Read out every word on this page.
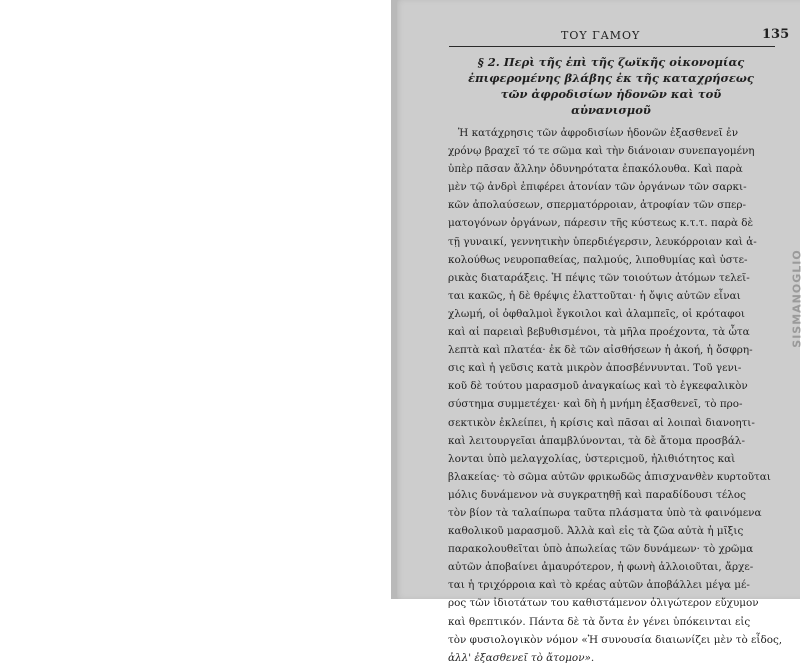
ΤΟΥ ΓΑΜΟΥ	135
§ 2. Περὶ τῆς ἐπὶ τῆς ζωϊκῆς οἰκονομίας
ἐπιφερομένης βλάβης ἐκ τῆς καταχρήσεως
τῶν ἀφροδισίων ἡδονῶν καὶ τοῦ
αὐνανισμοῦ
Ἡ κατάχρησις τῶν ἀφροδισίων ἡδονῶν ἐξασθενεῖ ἐν
χρόνῳ βραχεῖ τό τε σῶμα καὶ τὴν διάνοιαν συνεπαγομένη
ὑπὲρ πᾶσαν ἄλλην ὀδυνηρότατα ἐπακόλουθα. Καὶ παρὰ
μὲν τῷ ἀνδρὶ ἐπιφέρει ἀτονίαν τῶν ὀργάνων τῶν σαρκι-
κῶν ἀπολαύσεων, σπερματόρροιαν, ἀτροφίαν τῶν σπερ-
ματογόνων ὀργάνων, πάρεσιν τῆς κύστεως κ.τ.τ. παρὰ δὲ
τῇ γυναικί, γεννητικὴν ὑπερδιέγερσιν, λευκόρροιαν καὶ ἀ-
κολούθως νευροπαθείας, παλμούς, λιποθυμίας καὶ ὑστε-
ρικὰς διαταράξεις. Ἡ πέψις τῶν τοιούτων ἀτόμων τελεῖ-
ται κακῶς, ἡ δὲ θρέψις ἐλαττοῦται· ἡ ὄψις αὐτῶν εἶναι
χλωμή, οἱ ὀφθαλμοὶ ἔγκοιλοι καὶ ἀλαμπεῖς, οἱ κρόταφοι
καὶ αἱ παρειαὶ βεβυθισμένοι, τὰ μῆλα προέχοντα, τὰ ὦτα
λεπτὰ καὶ πλατέα· ἐκ δὲ τῶν αἰσθήσεων ἡ ἀκοή, ἡ ὄσφρη-
σις καὶ ἡ γεῦσις κατὰ μικρὸν ἀποσβέννυνται. Τοῦ γενι-
κοῦ δὲ τούτου μαρασμοῦ ἀναγκαίως καὶ τὸ ἐγκεφαλικὸν
σύστημα συμμετέχει· καὶ δὴ ἡ μνήμη ἐξασθενεῖ, τὸ προ-
σεκτικὸν ἐκλείπει, ἡ κρίσις καὶ πᾶσαι αἱ λοιπαὶ διανοητι-
καὶ λειτουργεῖαι ἀπαμβλύνονται, τὰ δὲ ἄτομα προσβάλ-
λονται ὑπὸ μελαγχολίας, ὑστεριςμοῦ, ἠλιθιότητος καὶ
βλακείας· τὸ σῶμα αὐτῶν φρικωδῶς ἀπισχνανθὲν κυρτοῦται
μόλις δυνάμενον νὰ συγκρατηθῇ καὶ παραδίδουσι τέλος
τὸν βίον τὰ ταλαίπωρα ταῦτα πλάσματα ὑπὸ τὰ φαινόμενα
καθολικοῦ μαρασμοῦ. Ἀλλὰ καὶ εἰς τὰ ζῶα αὐτὰ ἡ μῖξις
παρακολουθεῖται ὑπὸ ἀπωλείας τῶν δυνάμεων· τὸ χρῶμα
αὐτῶν ἀποβαίνει ἀμαυρότερον, ἡ φωνὴ ἀλλοιοῦται, ἄρχε-
ται ἡ τριχόρροια καὶ τὸ κρέας αὐτῶν ἀποβάλλει μέγα μέ-
ρος τῶν ἰδιοτάτων του καθιστάμενον ὀλιγώτερον εὔχυμον
καὶ θρεπτικόν. Πάντα δὲ τὰ ὄντα ἐν γένει ὑπόκεινται εἰς
τὸν φυσιολογικὸν νόμον «Ἡ συνουσία διαιωνίζει μὲν τὸ εἶδος,
ἀλλ' ἐξασθενεῖ τὸ ἄτομον».
SISMANOGLIO
